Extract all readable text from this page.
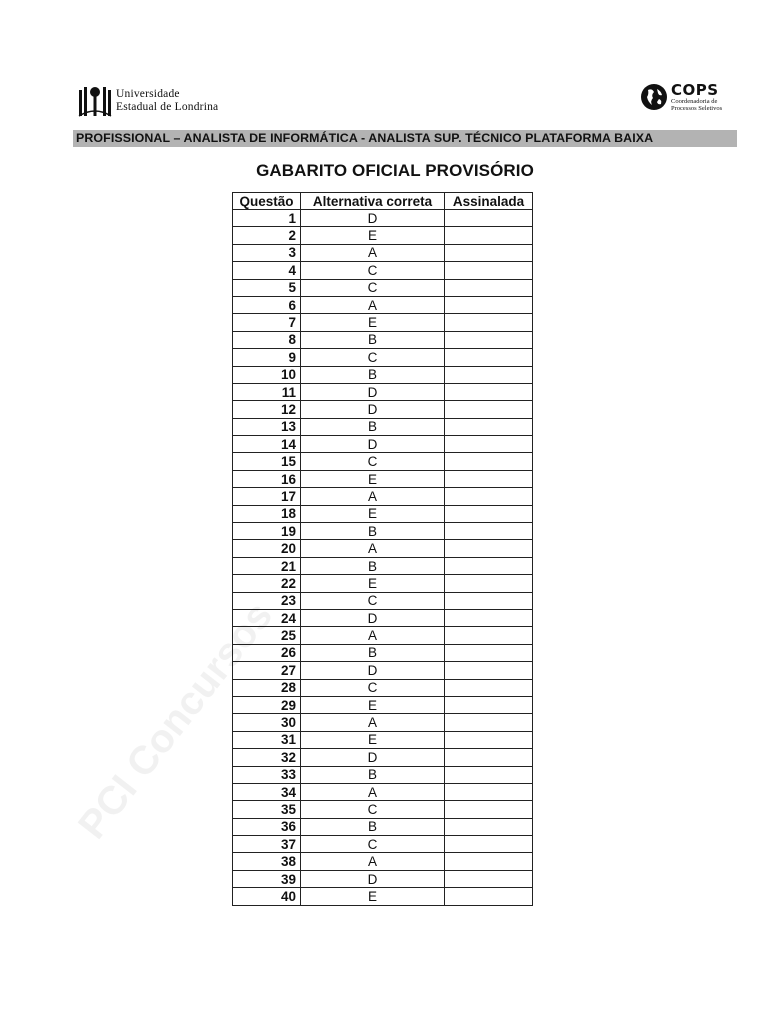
Universidade
Estadual de Londrina
COPS
Coordenadoria de
Processos Seletivos
PROFISSIONAL – ANALISTA DE INFORMÁTICA - ANALISTA SUP. TÉCNICO PLATAFORMA BAIXA
GABARITO OFICIAL PROVISÓRIO
Questão	Alternativa correta	Assinalada
1	D	
2	E	
3	A	
4	C	
5	C	
6	A	
7	E	
8	B	
9	C	
10	B	
11	D	
12	D	
13	B	
14	D	
15	C	
16	E	
17	A	
18	E	
19	B	
20	A	
21	B	
22	E	
23	C	
24	D	
25	A	
26	B	
27	D	
28	C	
29	E	
30	A	
31	E	
32	D	
33	B	
34	A	
35	C	
36	B	
37	C	
38	A	
39	D	
40	E	
PCI Concursos
